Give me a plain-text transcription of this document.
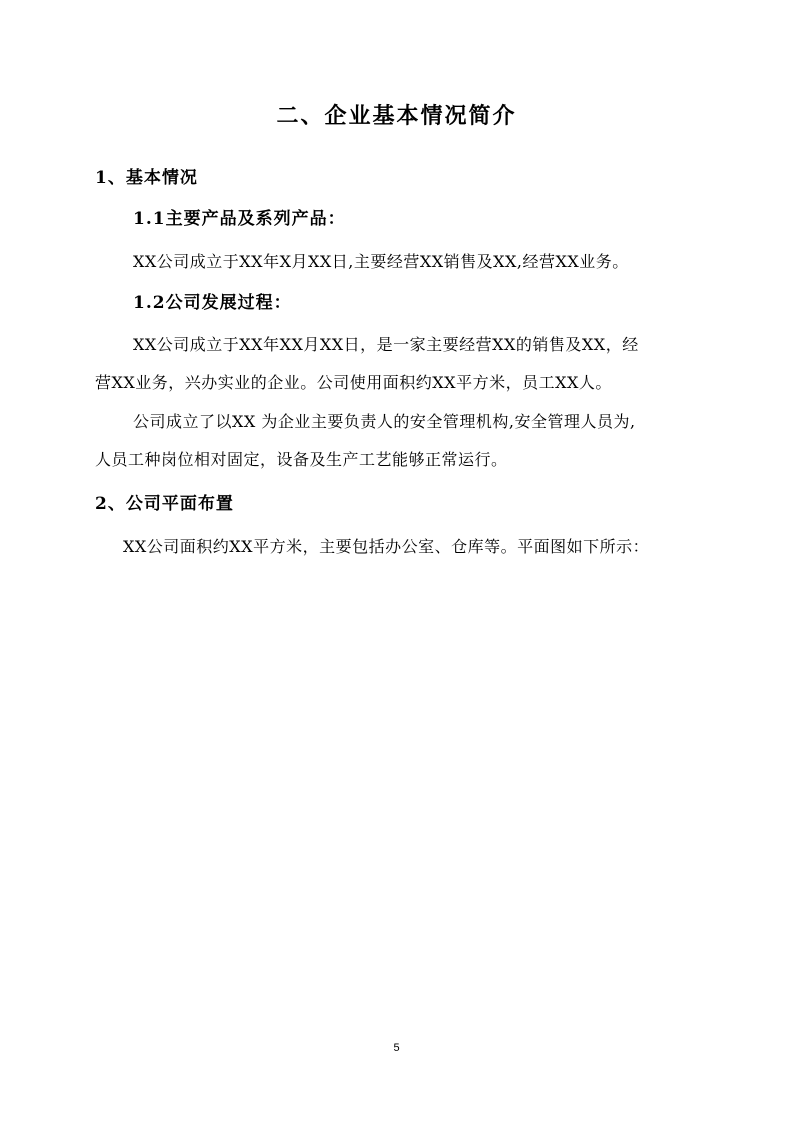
二、企业基本情况简介
1、基本情况
1.1主要产品及系列产品：
XX公司成立于XX年X月XX日,主要经营XX销售及XX,经营XX业务。
1.2公司发展过程：
XX公司成立于XX年XX月XX日，是一家主要经营XX的销售及XX，经
营XX业务，兴办实业的企业。公司使用面积约XX平方米，员工XX人。
公司成立了以XX 为企业主要负责人的安全管理机构,安全管理人员为,
人员工种岗位相对固定，设备及生产工艺能够正常运行。
2、公司平面布置
XX公司面积约XX平方米，主要包括办公室、仓库等。平面图如下所示：
5
